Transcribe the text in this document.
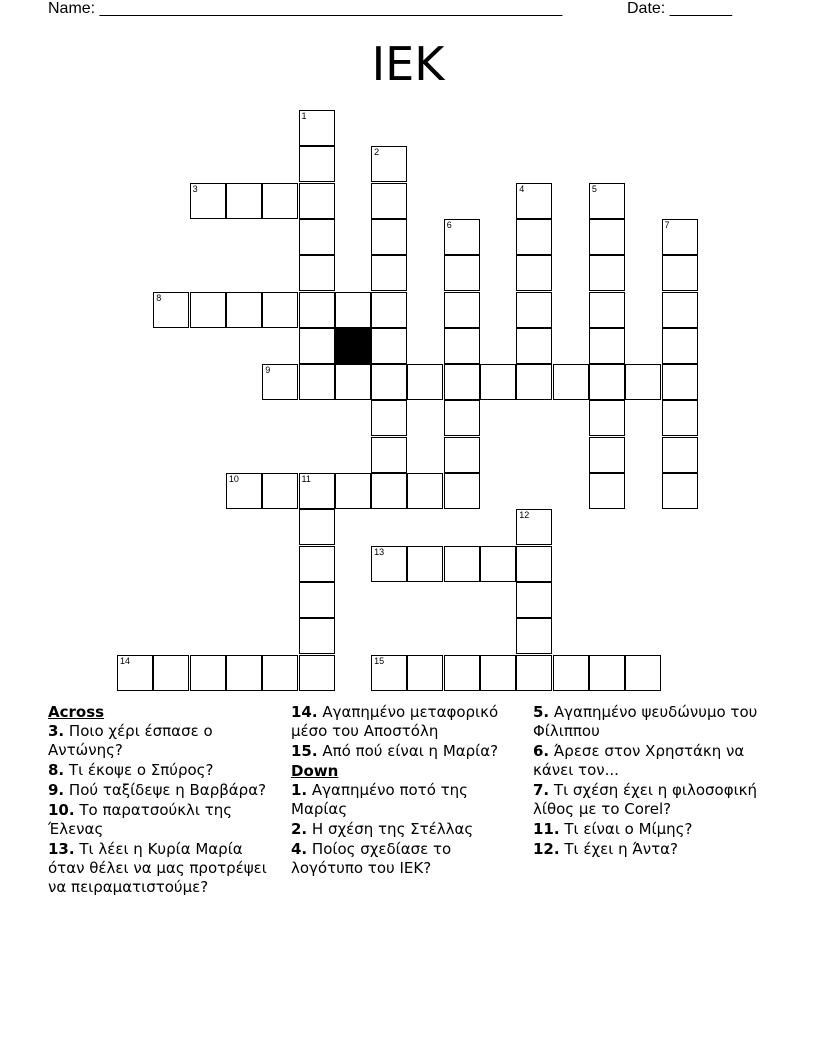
Name: ____________________________________________________	Date: _______
ΙΕΚ
1
2
3	4	5
6	7
8
9
10	11
12
13
14	15
Across
3. Ποιο χέρι έσπασε ο Αντώνης?
8. Τι έκοψε ο Σπύρος?
9. Πού ταξίδεψε η Βαρβάρα?
10. Το παρατσούκλι της Έλενας
13. Τι λέει η Κυρία Μαρία όταν θέλει να μας προτρέψει να πειραματιστούμε?
14. Αγαπημένο μεταφορικό μέσο του Αποστόλη
15. Από πού είναι η Μαρία?
Down
1. Αγαπημένο ποτό της Μαρίας
2. Η σχέση της Στέλλας
4. Ποίος σχεδίασε το λογότυπο του ΙΕΚ?
5. Αγαπημένο ψευδώνυμο του Φίλιππου
6. Άρεσε στον Χρηστάκη να κάνει τον...
7. Τι σχέση έχει η φιλοσοφική λίθος με το Corel?
11. Τι είναι ο Μίμης?
12. Τι έχει η Άντα?
